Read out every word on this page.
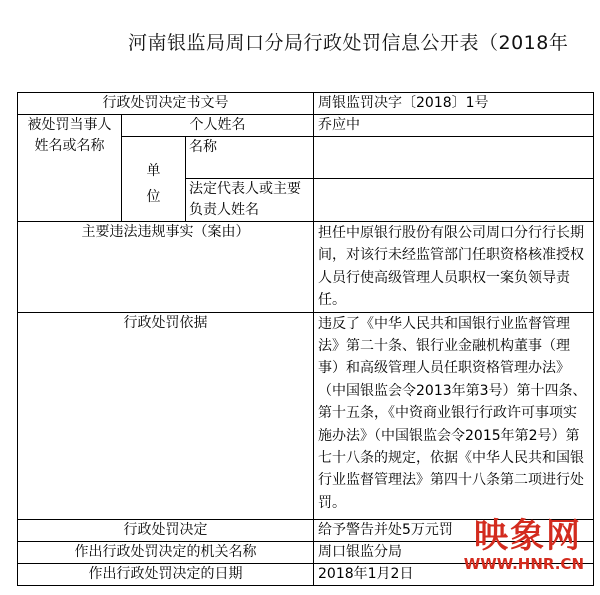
河南银监局周口分局行政处罚信息公开表（2018年
行政处罚决定书文号			周银监罚决字〔2018〕1号
被处罚当事人姓名或名称	个人姓名		乔应中

	单位	名称	
		法定代表人或主要负责人姓名	
主要违法违规事实（案由）			担任中原银行股份有限公司周口分行行长期间，对该行未经监管部门任职资格核准授权人员行使高级管理人员职权一案负领导责任。
行政处罚依据			违反了《中华人民共和国银行业监督管理法》第二十条、银行业金融机构董事（理事）和高级管理人员任职资格管理办法》（中国银监会令2013年第3号）第十四条、第十五条，《中资商业银行行政许可事项实施办法》（中国银监会令2015年第2号）第七十八条的规定，依据《中华人民共和国银行业监督管理法》第四十八条第二项进行处罚。
行政处罚决定			给予警告并处5万元罚
作出行政处罚决定的机关名称			周口银监分局
作出行政处罚决定的日期			2018年1月2日
映象网
WWW.HNR.CN
